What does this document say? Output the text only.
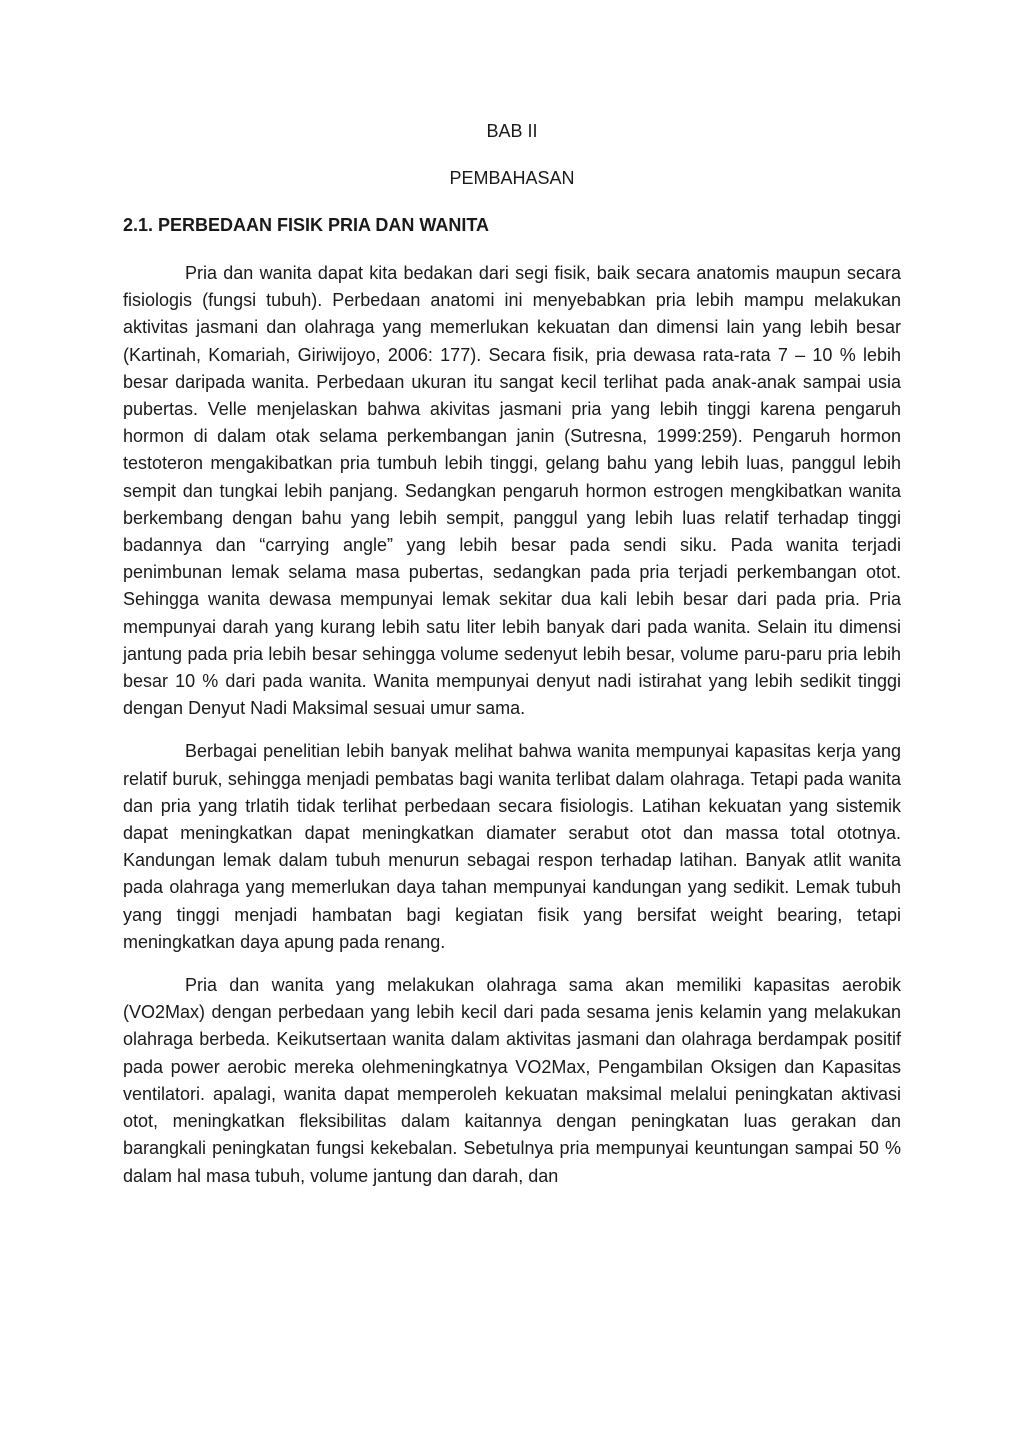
BAB II

PEMBAHASAN

2.1. PERBEDAAN FISIK PRIA DAN WANITA

Pria dan wanita dapat kita bedakan dari segi fisik, baik secara anatomis maupun secara fisiologis (fungsi tubuh). Perbedaan anatomi ini menyebabkan pria lebih mampu melakukan aktivitas jasmani dan olahraga yang memerlukan kekuatan dan dimensi lain yang lebih besar (Kartinah, Komariah, Giriwijoyo, 2006: 177). Secara fisik, pria dewasa rata-rata 7 – 10 % lebih besar daripada wanita. Perbedaan ukuran itu sangat kecil terlihat pada anak-anak sampai usia pubertas. Velle menjelaskan bahwa akivitas jasmani pria yang lebih tinggi karena pengaruh hormon di dalam otak selama perkembangan janin (Sutresna, 1999:259). Pengaruh hormon testoteron mengakibatkan pria tumbuh lebih tinggi, gelang bahu yang lebih luas, panggul lebih sempit dan tungkai lebih panjang. Sedangkan pengaruh hormon estrogen mengkibatkan wanita berkembang dengan bahu yang lebih sempit, panggul yang lebih luas relatif terhadap tinggi badannya dan “carrying angle” yang lebih besar pada sendi siku. Pada wanita terjadi penimbunan lemak selama masa pubertas, sedangkan pada pria terjadi perkembangan otot. Sehingga wanita dewasa mempunyai lemak sekitar dua kali lebih besar dari pada pria. Pria mempunyai darah yang kurang lebih satu liter lebih banyak dari pada wanita. Selain itu dimensi jantung pada pria lebih besar sehingga volume sedenyut lebih besar, volume paru-paru pria lebih besar 10 % dari pada wanita. Wanita mempunyai denyut nadi istirahat yang lebih sedikit tinggi dengan Denyut Nadi Maksimal sesuai umur sama.

Berbagai penelitian lebih banyak melihat bahwa wanita mempunyai kapasitas kerja yang relatif buruk, sehingga menjadi pembatas bagi wanita terlibat dalam olahraga. Tetapi pada wanita dan pria yang trlatih tidak terlihat perbedaan secara fisiologis. Latihan kekuatan yang sistemik dapat meningkatkan dapat meningkatkan diamater serabut otot dan massa total ototnya. Kandungan lemak dalam tubuh menurun sebagai respon terhadap latihan. Banyak atlit wanita pada olahraga yang memerlukan daya tahan mempunyai kandungan yang sedikit. Lemak tubuh yang tinggi menjadi hambatan bagi kegiatan fisik yang bersifat weight bearing, tetapi meningkatkan daya apung pada renang.

Pria dan wanita yang melakukan olahraga sama akan memiliki kapasitas aerobik (VO2Max) dengan perbedaan yang lebih kecil dari pada sesama jenis kelamin yang melakukan olahraga berbeda. Keikutsertaan wanita dalam aktivitas jasmani dan olahraga berdampak positif pada power aerobic mereka olehmeningkatnya VO2Max, Pengambilan Oksigen dan Kapasitas ventilatori. apalagi, wanita dapat memperoleh kekuatan maksimal melalui peningkatan aktivasi otot, meningkatkan fleksibilitas dalam kaitannya dengan peningkatan luas gerakan dan barangkali peningkatan fungsi kekebalan. Sebetulnya pria mempunyai keuntungan sampai 50 % dalam hal masa tubuh, volume jantung dan darah, dan
